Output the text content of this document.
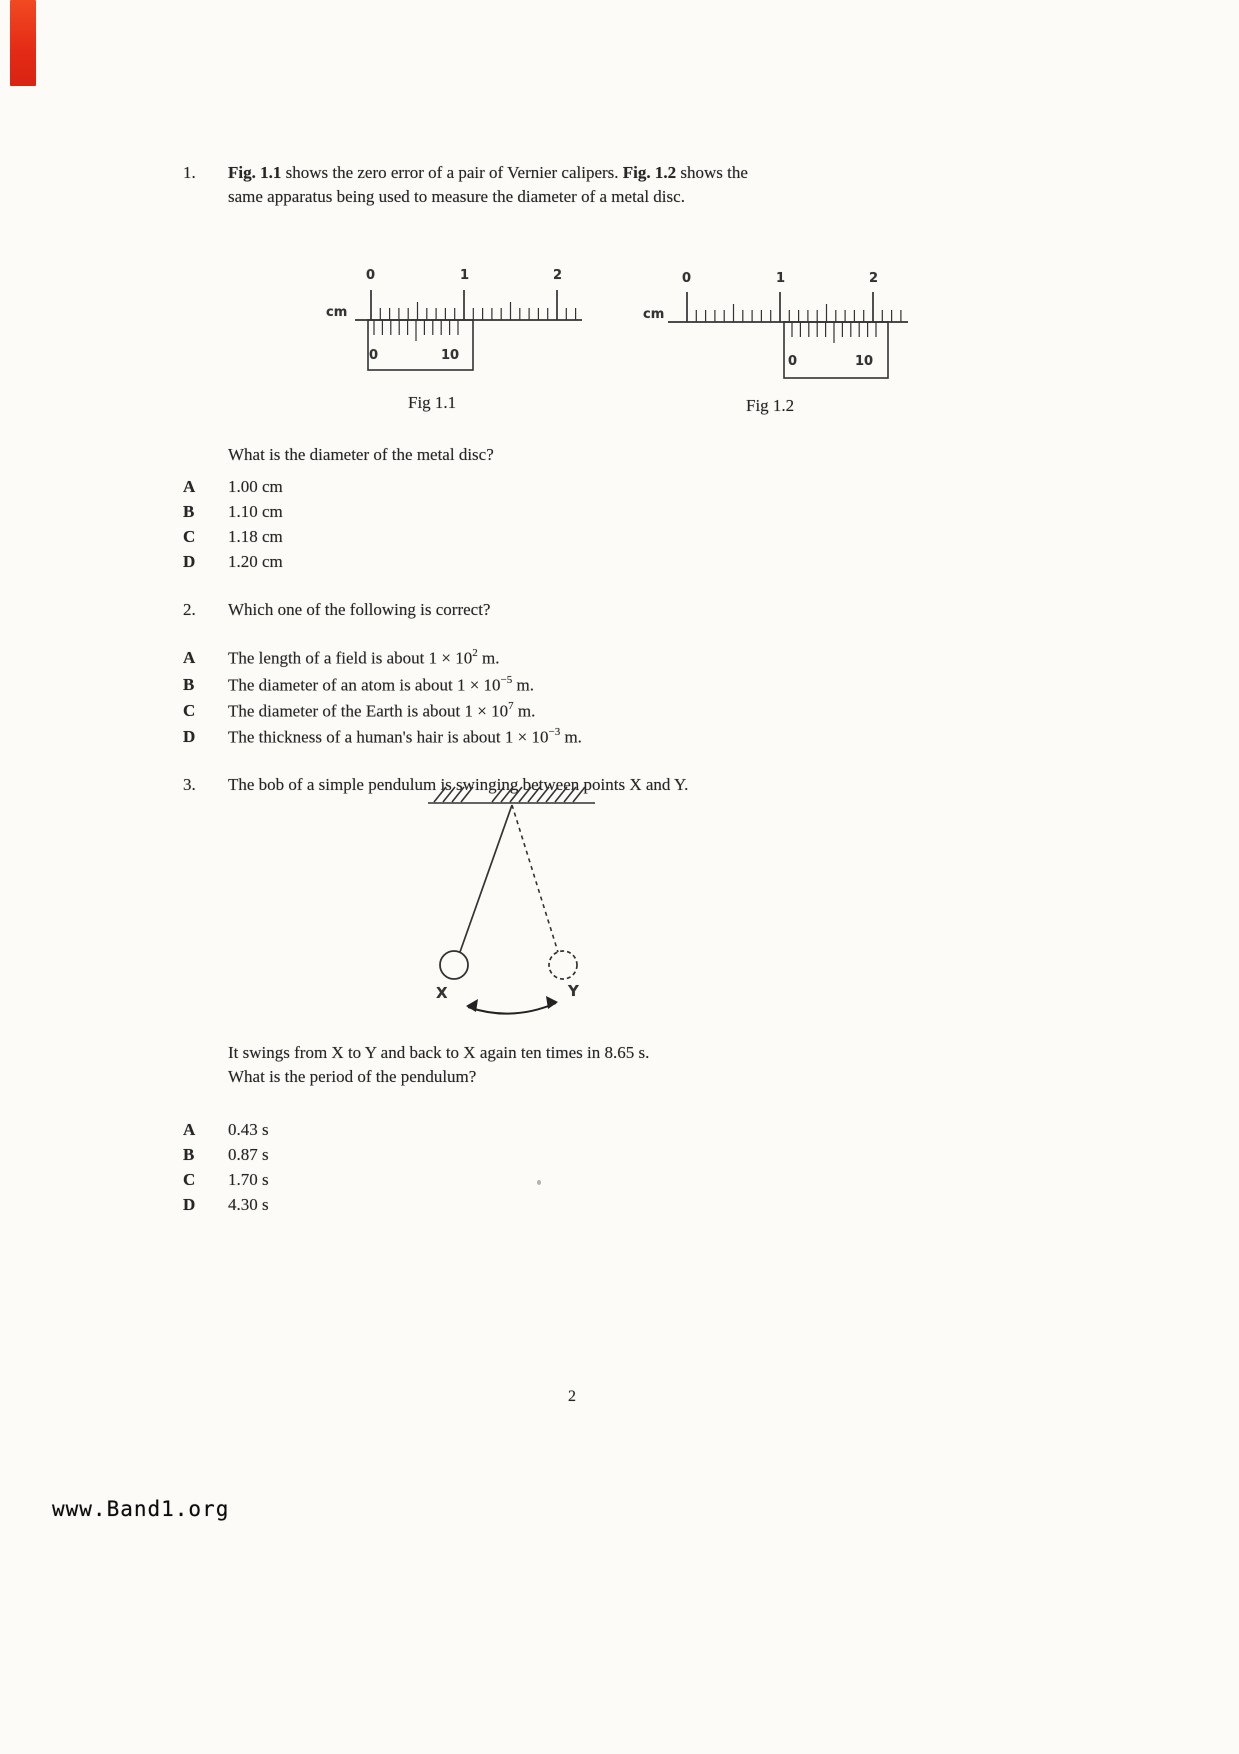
1. Fig. 1.1 shows the zero error of a pair of Vernier calipers. Fig. 1.2 shows the
same apparatus being used to measure the diameter of a metal disc.
cm
0	1	2
0	10
Fig 1.1
cm
0	1	2
0	10
Fig 1.2
What is the diameter of the metal disc?
A 1.00 cm
B 1.10 cm
C 1.18 cm
D 1.20 cm
2. Which one of the following is correct?
A The length of a field is about $1 \times 10^2$ m.
B The diameter of an atom is about $1 \times 10^{-5}$ m.
C The diameter of the Earth is about $1 \times 10^7$ m.
D The thickness of a human's hair is about $1 \times 10^{-3}$ m.
3. The bob of a simple pendulum is swinging between points X and Y.
X	Y
It swings from X to Y and back to X again ten times in 8.65 s.
What is the period of the pendulum?
A 0.43 s
B 0.87 s
C 1.70 s
D 4.30 s
2
www.Band1.org
